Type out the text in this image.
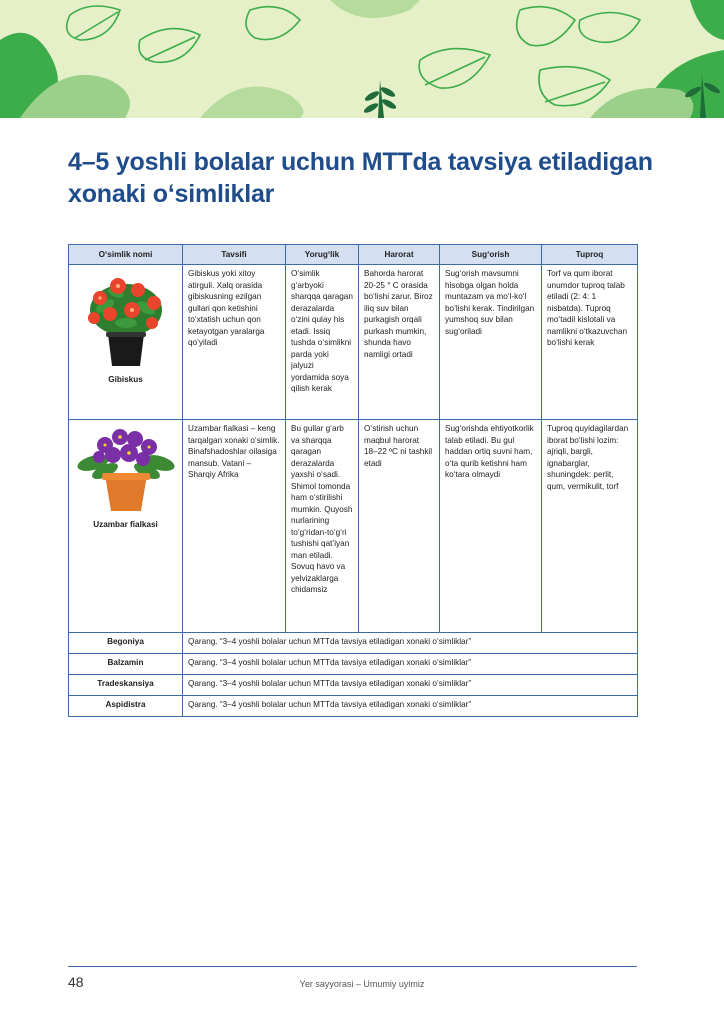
4–5 yoshli bolalar uchun MTTda tavsiya etiladigan xonaki o‘simliklar
O‘simlik nomi	Tavsifi	Yorug‘lik	Harorat	Sug‘orish	Tuproq

Gibiskus	Gibiskus yoki xitoy atirguli. Xalq orasida gibiskusning ezilgan gullari qon ketishini to‘xtatish uchun qon ketayotgan yaralarga qo‘yiladi	O‘simlik g‘arbyoki sharqqa qaragan derazalarda o‘zini qulay his etadi. Issiq tushda o‘simlikni parda yoki jalyuzi yordamida soya qilish kerak	Bahorda harorat 20-25 ° C orasida bo‘lishi zarur. Biroz iliq suv bilan purkagish orqali purkash mumkin, shunda havo namligi ortadi	Sug‘orish mavsumni hisobga olgan holda muntazam va mo‘l-ko‘l bo‘lishi kerak. Tindirilgan yumshoq suv bilan sug‘oriladi	Torf va qum iborat unumdor tuproq talab etiladi (2: 4: 1 nisbatda). Tuproq mo‘tadil kislotali va namlikni o‘tkazuvchan bo‘lishi kerak

Uzambar fialkasi	Uzambar fialkasi – keng tarqalgan xonaki o‘simlik. Binafshadoshlar oilasiga mansub. Vatani – Sharqiy Afrika	Bu gullar g‘arb va sharqqa qaragan derazalarda yaxshi o‘sadi. Shimol tomonda ham o‘stirilishi mumkin. Quyosh nurlarining to‘g‘ridan-to‘g‘ri tushishi qat’iyan man etiladi. Sovuq havo va yelvizaklarga chidamsiz	O‘stirish uchun maqbul harorat 18–22 ºC ni tashkil etadi	Sug‘orishda ehtiyotkorlik talab etiladi. Bu gul haddan ortiq suvni ham, o‘ta qurib ketishni ham ko‘tara olmaydi	Tuproq quyidagilardan iborat bo‘lishi lozim: ajriqli, bargli, ignabarglar, shuningdek: perlit, qum, vermikulit, torf
Begoniya	Qarang. “3–4 yoshli bolalar uchun MTTda tavsiya etiladigan xonaki o‘simliklar”				
Balzamin	Qarang. “3–4 yoshli bolalar uchun MTTda tavsiya etiladigan xonaki o‘simliklar”				
Tradeskansiya	Qarang. “3–4 yoshli bolalar uchun MTTda tavsiya etiladigan xonaki o‘simliklar”				
Aspidistra	Qarang. “3–4 yoshli bolalar uchun MTTda tavsiya etiladigan xonaki o‘simliklar”				
48	Yer sayyorasi – Umumiy uyimiz
